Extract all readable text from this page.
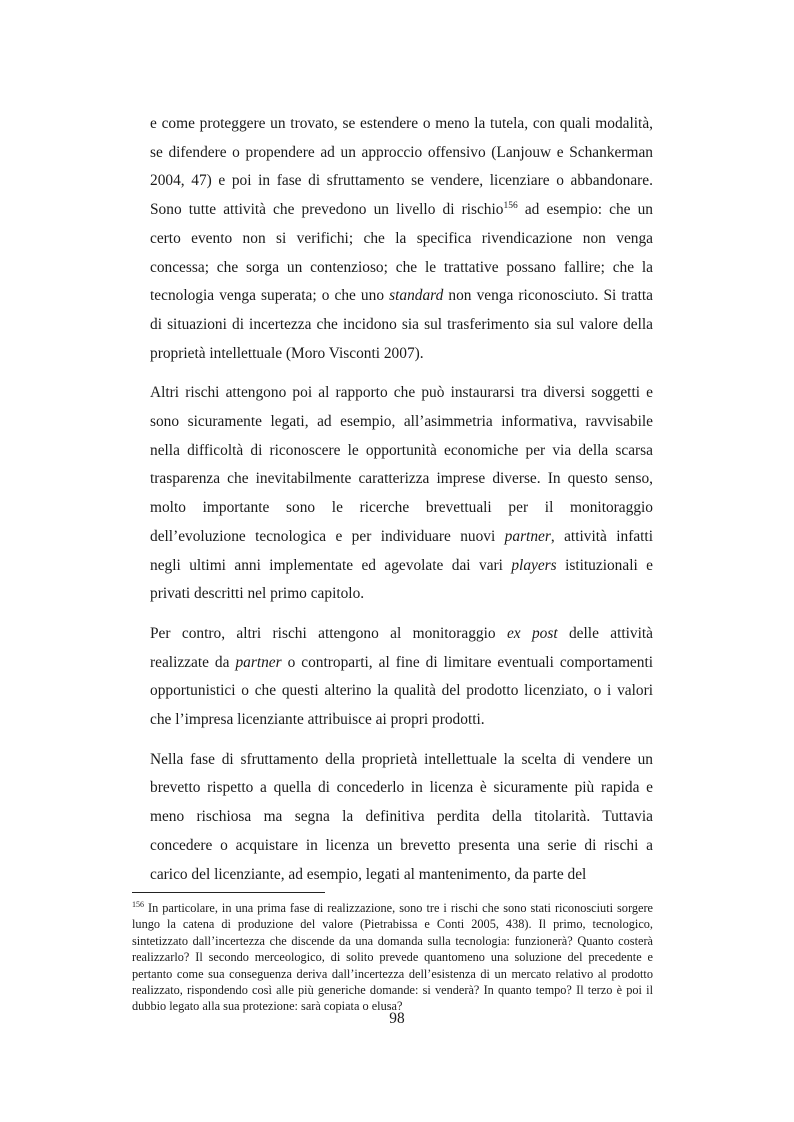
e come proteggere un trovato, se estendere o meno la tutela, con quali modalità,
se difendere o propendere ad un approccio offensivo (Lanjouw e Schankerman
2004, 47) e poi in fase di sfruttamento se vendere, licenziare o abbandonare.
Sono tutte attività che prevedono un livello di rischio$^{156}$ ad esempio: che un
certo evento non si verifichi; che la specifica rivendicazione non venga
concessa; che sorga un contenzioso; che le trattative possano fallire; che la
tecnologia venga superata; o che uno standard non venga riconosciuto. Si tratta
di situazioni di incertezza che incidono sia sul trasferimento sia sul valore della
proprietà intellettuale (Moro Visconti 2007).

Altri rischi attengono poi al rapporto che può instaurarsi tra diversi soggetti e
sono sicuramente legati, ad esempio, all’asimmetria informativa, ravvisabile
nella difficoltà di riconoscere le opportunità economiche per via della scarsa
trasparenza che inevitabilmente caratterizza imprese diverse. In questo senso,
molto importante sono le ricerche brevettuali per il monitoraggio
dell’evoluzione tecnologica e per individuare nuovi partner, attività infatti
negli ultimi anni implementate ed agevolate dai vari players istituzionali e
privati descritti nel primo capitolo.

Per contro, altri rischi attengono al monitoraggio ex post delle attività
realizzate da partner o controparti, al fine di limitare eventuali comportamenti
opportunistici o che questi alterino la qualità del prodotto licenziato, o i valori
che l’impresa licenziante attribuisce ai propri prodotti.

Nella fase di sfruttamento della proprietà intellettuale la scelta di vendere un
brevetto rispetto a quella di concederlo in licenza è sicuramente più rapida e
meno rischiosa ma segna la definitiva perdita della titolarità. Tuttavia
concedere o acquistare in licenza un brevetto presenta una serie di rischi a
carico del licenziante, ad esempio, legati al mantenimento, da parte del

$^{156}$ In particolare, in una prima fase di realizzazione, sono tre i rischi che sono stati riconosciuti sorgere
lungo la catena di produzione del valore (Pietrabissa e Conti 2005, 438). Il primo, tecnologico,
sintetizzato dall’incertezza che discende da una domanda sulla tecnologia: funzionerà? Quanto costerà
realizzarlo? Il secondo merceologico, di solito prevede quantomeno una soluzione del precedente e
pertanto come sua conseguenza deriva dall’incertezza dell’esistenza di un mercato relativo al prodotto
realizzato, rispondendo così alle più generiche domande: si venderà? In quanto tempo? Il terzo è poi il
dubbio legato alla sua protezione: sarà copiata o elusa?
98
